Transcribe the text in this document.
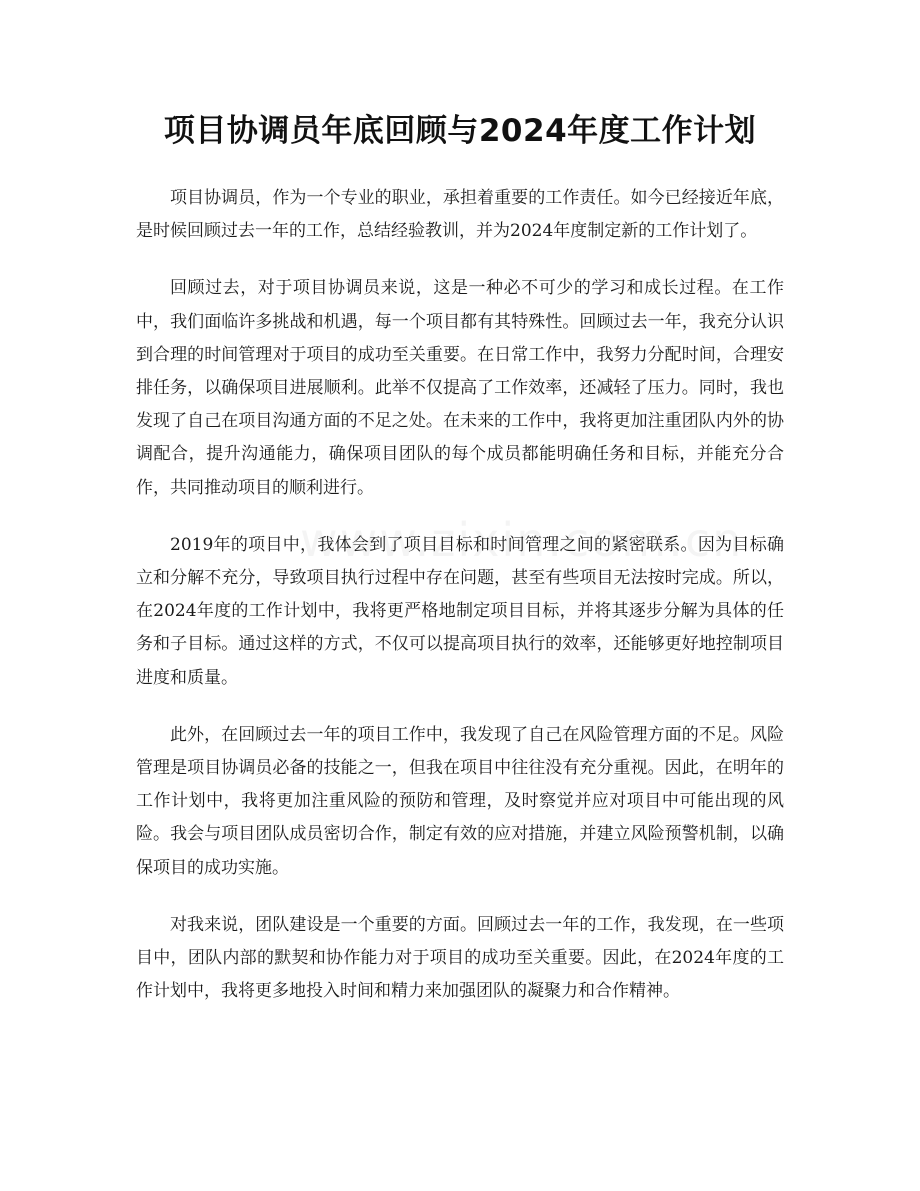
项目协调员年底回顾与2024年度工作计划

项目协调员，作为一个专业的职业，承担着重要的工作责任。如今已经接近年底，是时候回顾过去一年的工作，总结经验教训，并为2024年度制定新的工作计划了。

回顾过去，对于项目协调员来说，这是一种必不可少的学习和成长过程。在工作中，我们面临许多挑战和机遇，每一个项目都有其特殊性。回顾过去一年，我充分认识到合理的时间管理对于项目的成功至关重要。在日常工作中，我努力分配时间，合理安排任务，以确保项目进展顺利。此举不仅提高了工作效率，还减轻了压力。同时，我也发现了自己在项目沟通方面的不足之处。在未来的工作中，我将更加注重团队内外的协调配合，提升沟通能力，确保项目团队的每个成员都能明确任务和目标，并能充分合作，共同推动项目的顺利进行。

2019年的项目中，我体会到了项目目标和时间管理之间的紧密联系。因为目标确立和分解不充分，导致项目执行过程中存在问题，甚至有些项目无法按时完成。所以，在2024年度的工作计划中，我将更严格地制定项目目标，并将其逐步分解为具体的任务和子目标。通过这样的方式，不仅可以提高项目执行的效率，还能够更好地控制项目进度和质量。

此外，在回顾过去一年的项目工作中，我发现了自己在风险管理方面的不足。风险管理是项目协调员必备的技能之一，但我在项目中往往没有充分重视。因此，在明年的工作计划中，我将更加注重风险的预防和管理，及时察觉并应对项目中可能出现的风险。我会与项目团队成员密切合作，制定有效的应对措施，并建立风险预警机制，以确保项目的成功实施。

对我来说，团队建设是一个重要的方面。回顾过去一年的工作，我发现，在一些项目中，团队内部的默契和协作能力对于项目的成功至关重要。因此，在2024年度的工作计划中，我将更多地投入时间和精力来加强团队的凝聚力和合作精神。
